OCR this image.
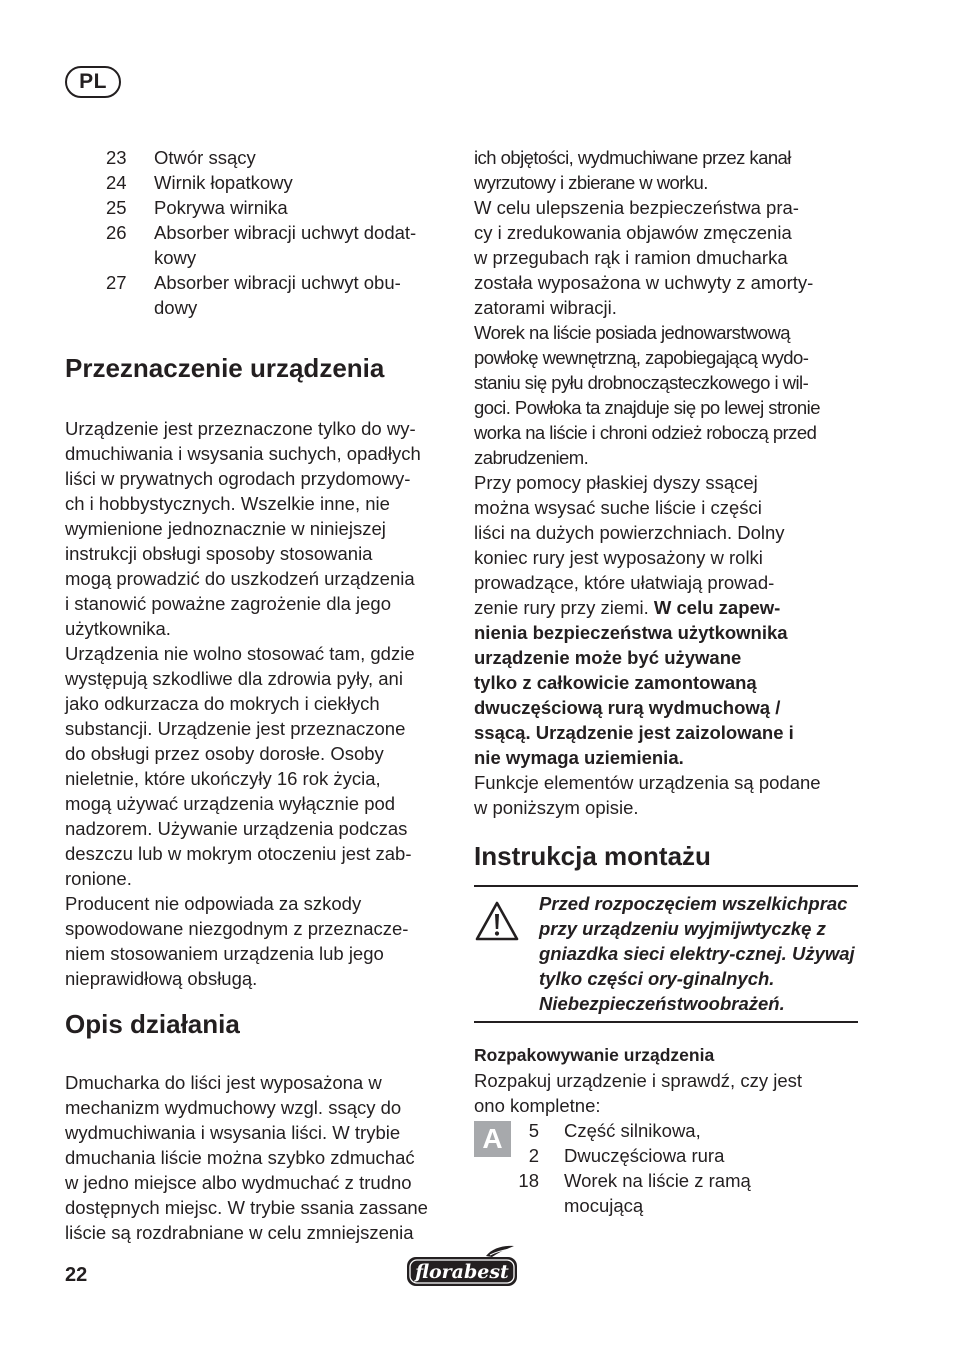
PL
23	Otwór ssący
24	Wirnik łopatkowy
25	Pokrywa wirnika
26	Absorber wibracji uchwyt dodat-
kowy
27	Absorber wibracji uchwyt obu-
dowy
Przeznaczenie urządzenia
Urządzenie jest przeznaczone tylko do wy-
dmuchiwania i wsysania suchych, opadłych
liści w prywatnych ogrodach przydomowy-
ch i hobbystycznych. Wszelkie inne, nie
wymienione jednoznacznie w niniejszej
instrukcji obsługi sposoby stosowania
mogą prowadzić do uszkodzeń urządzenia
i stanowić poważne zagrożenie dla jego
użytkownika.
Urządzenia nie wolno stosować tam, gdzie
występują szkodliwe dla zdrowia pyły, ani
jako odkurzacza do mokrych i ciekłych
substancji. Urządzenie jest przeznaczone
do obsługi przez osoby dorosłe. Osoby
nieletnie, które ukończyły 16 rok życia,
mogą używać urządzenia wyłącznie pod
nadzorem. Używanie urządzenia podczas
deszczu lub w mokrym otoczeniu jest zab-
ronione.
Producent nie odpowiada za szkody
spowodowane niezgodnym z przeznacze-
niem stosowaniem urządzenia lub jego
nieprawidłową obsługą.
Opis działania
Dmucharka do liści jest wyposażona w
mechanizm wydmuchowy wzgl. ssący do
wydmuchiwania i wsysania liści. W trybie
dmuchania liście można szybko zdmuchać
w jedno miejsce albo wydmuchać z trudno
dostępnych miejsc. W trybie ssania zassane
liście są rozdrabniane w celu zmniejszenia
ich objętości, wydmuchiwane przez kanał
wyrzutowy i zbierane w worku.
W celu ulepszenia bezpieczeństwa pra-
cy i zredukowania objawów zmęczenia
w przegubach rąk i ramion dmucharka
została wyposażona w uchwyty z amorty-
zatorami wibracji.
Worek na liście posiada jednowarstwową
powłokę wewnętrzną, zapobiegającą wydo-
staniu się pyłu drobnocząsteczkowego i wil-
goci. Powłoka ta znajduje się po lewej stronie
worka na liście i chroni odzież roboczą przed
zabrudzeniem.
Przy pomocy płaskiej dyszy ssącej
można wsysać suche liście i części
liści na dużych powierzchniach. Dolny
koniec rury jest wyposażony w rolki
prowadzące, które ułatwiają prowad-
zenie rury przy ziemi. W celu zapew-
nienia bezpieczeństwa użytkownika
urządzenie może być używane
tylko z całkowicie zamontowaną
dwuczęściową rurą wydmuchową /
ssącą. Urządzenie jest zaizolowane i
nie wymaga uziemienia.
Funkcje elementów urządzenia są podane
w poniższym opisie.
Instrukcja montażu
Przed rozpoczęciem wszelkichprac przy urządzeniu wyjmijwtyczkę z gniazdka sieci elektry-cznej. Używaj tylko części ory-ginalnych. Niebezpieczeństwoobrażeń.
Rozpakowywanie urządzenia
Rozpakuj urządzenie i sprawdź, czy jest
ono kompletne:
A	5	Część silnikowa,
2	Dwuczęściowa rura
18	Worek na liście z ramą
mocującą
22	florabest
